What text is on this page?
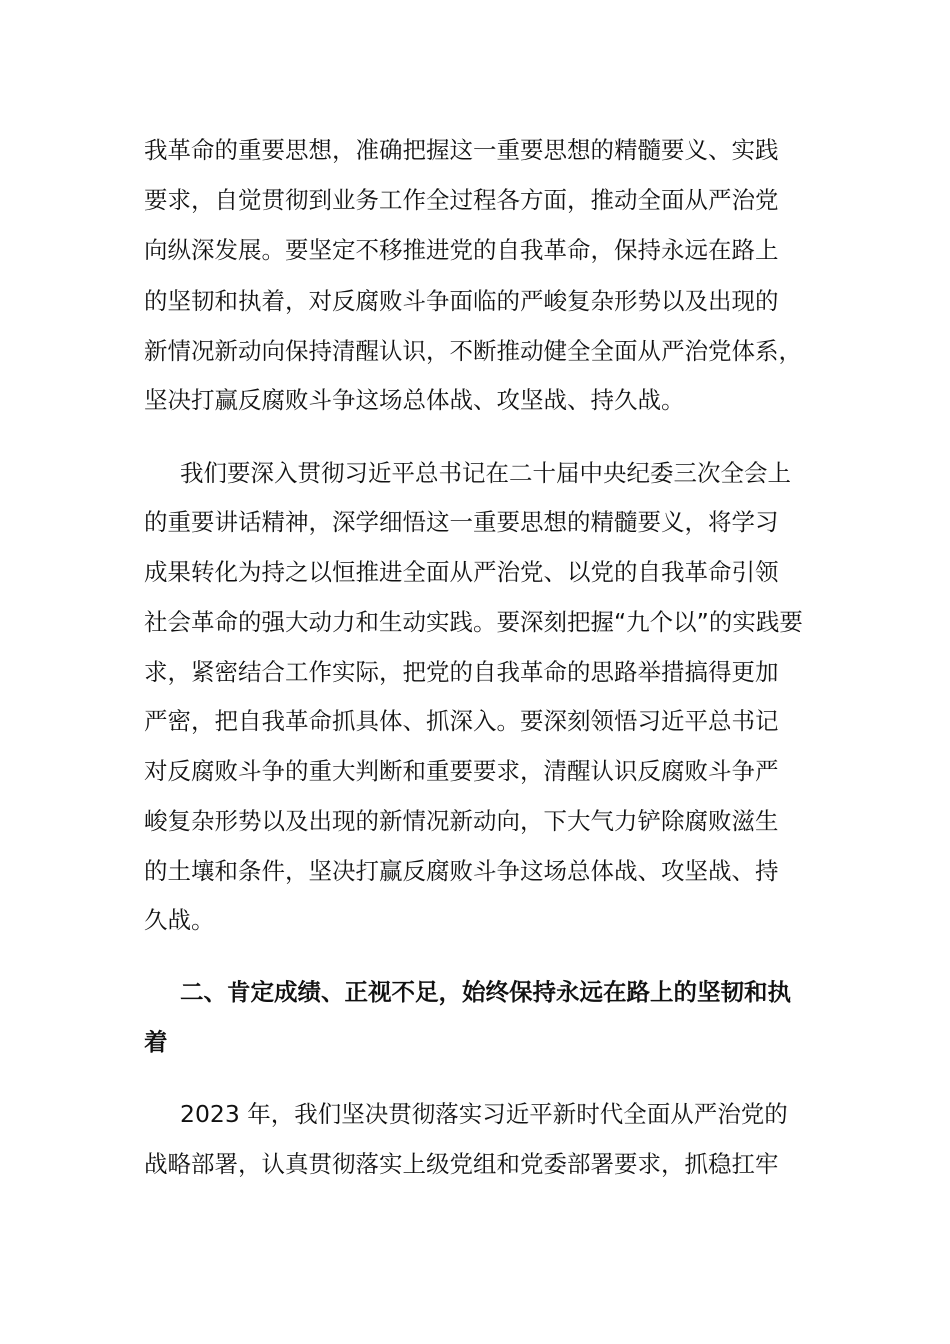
我革命的重要思想，准确把握这一重要思想的精髓要义、实践
要求，自觉贯彻到业务工作全过程各方面，推动全面从严治党
向纵深发展。要坚定不移推进党的自我革命，保持永远在路上
的坚韧和执着，对反腐败斗争面临的严峻复杂形势以及出现的
新情况新动向保持清醒认识，不断推动健全全面从严治党体系，
坚决打赢反腐败斗争这场总体战、攻坚战、持久战。
我们要深入贯彻习近平总书记在二十届中央纪委三次全会上
的重要讲话精神，深学细悟这一重要思想的精髓要义，将学习
成果转化为持之以恒推进全面从严治党、以党的自我革命引领
社会革命的强大动力和生动实践。要深刻把握“九个以”的实践要
求，紧密结合工作实际，把党的自我革命的思路举措搞得更加
严密，把自我革命抓具体、抓深入。要深刻领悟习近平总书记
对反腐败斗争的重大判断和重要要求，清醒认识反腐败斗争严
峻复杂形势以及出现的新情况新动向，下大气力铲除腐败滋生
的土壤和条件，坚决打赢反腐败斗争这场总体战、攻坚战、持
久战。
二、肯定成绩、正视不足，始终保持永远在路上的坚韧和执
着
2023 年，我们坚决贯彻落实习近平新时代全面从严治党的
战略部署，认真贯彻落实上级党组和党委部署要求，抓稳扛牢
